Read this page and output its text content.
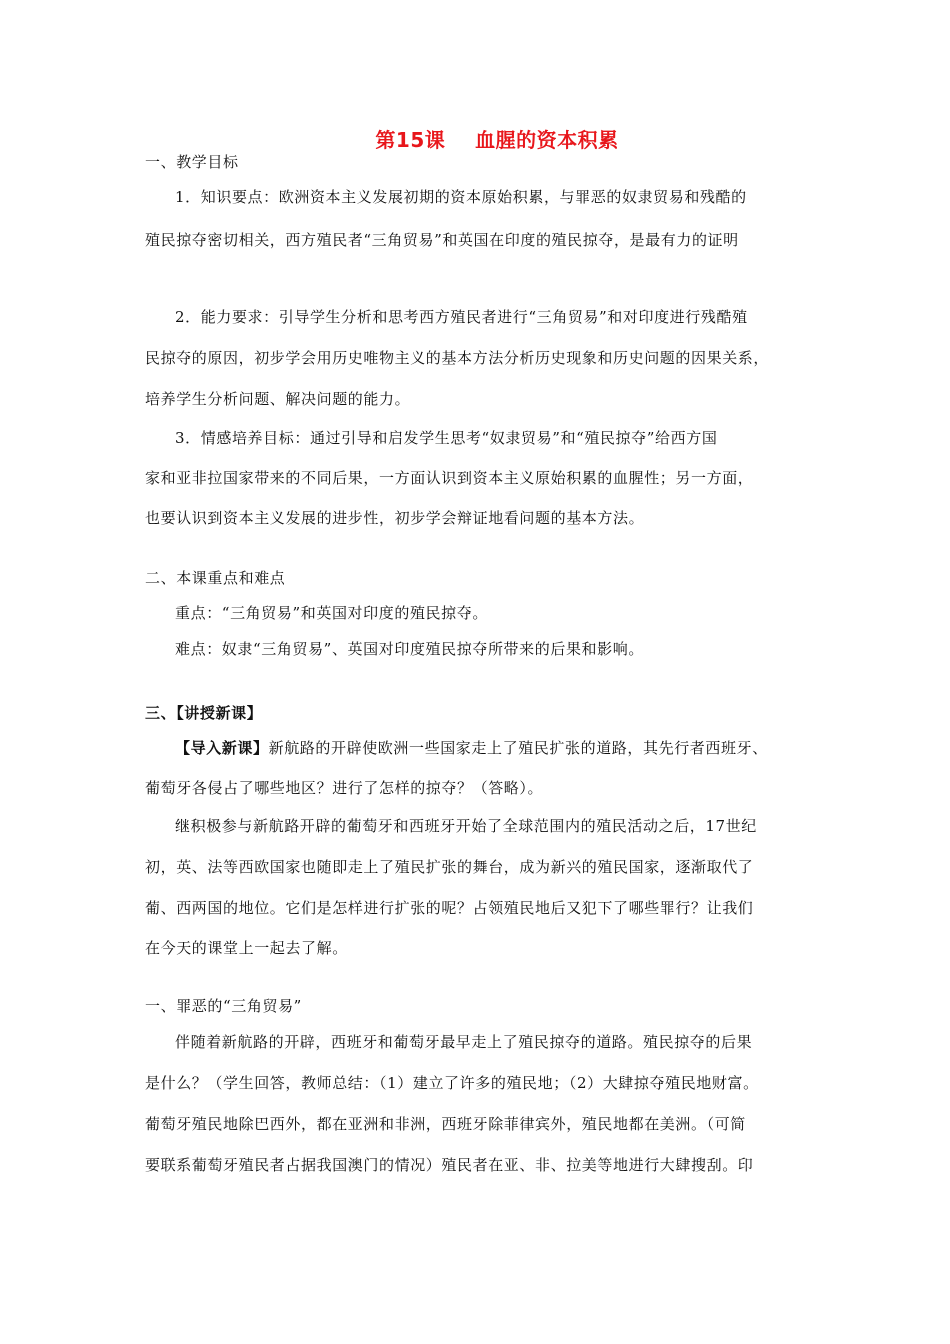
第15课    血腥的资本积累
一、教学目标
1．知识要点：欧洲资本主义发展初期的资本原始积累，与罪恶的奴隶贸易和残酷的
殖民掠夺密切相关，西方殖民者“三角贸易”和英国在印度的殖民掠夺，是最有力的证明
2．能力要求：引导学生分析和思考西方殖民者进行“三角贸易”和对印度进行残酷殖
民掠夺的原因，初步学会用历史唯物主义的基本方法分析历史现象和历史问题的因果关系，
培养学生分析问题、解决问题的能力。
3．情感培养目标：通过引导和启发学生思考“奴隶贸易”和“殖民掠夺”给西方国
家和亚非拉国家带来的不同后果，一方面认识到资本主义原始积累的血腥性；另一方面，
也要认识到资本主义发展的进步性，初步学会辩证地看问题的基本方法。
二、本课重点和难点
重点：“三角贸易”和英国对印度的殖民掠夺。
难点：奴隶“三角贸易”、英国对印度殖民掠夺所带来的后果和影响。
三、【讲授新课】
【导入新课】新航路的开辟使欧洲一些国家走上了殖民扩张的道路，其先行者西班牙、
葡萄牙各侵占了哪些地区？进行了怎样的掠夺？（答略）。
继积极参与新航路开辟的葡萄牙和西班牙开始了全球范围内的殖民活动之后，17世纪
初，英、法等西欧国家也随即走上了殖民扩张的舞台，成为新兴的殖民国家，逐渐取代了
葡、西两国的地位。它们是怎样进行扩张的呢？占领殖民地后又犯下了哪些罪行？让我们
在今天的课堂上一起去了解。
一、罪恶的“三角贸易”
伴随着新航路的开辟，西班牙和葡萄牙最早走上了殖民掠夺的道路。殖民掠夺的后果
是什么？（学生回答，教师总结：（1）建立了许多的殖民地；（2）大肆掠夺殖民地财富。
葡萄牙殖民地除巴西外，都在亚洲和非洲，西班牙除菲律宾外，殖民地都在美洲。（可简
要联系葡萄牙殖民者占据我国澳门的情况）殖民者在亚、非、拉美等地进行大肆搜刮。印
